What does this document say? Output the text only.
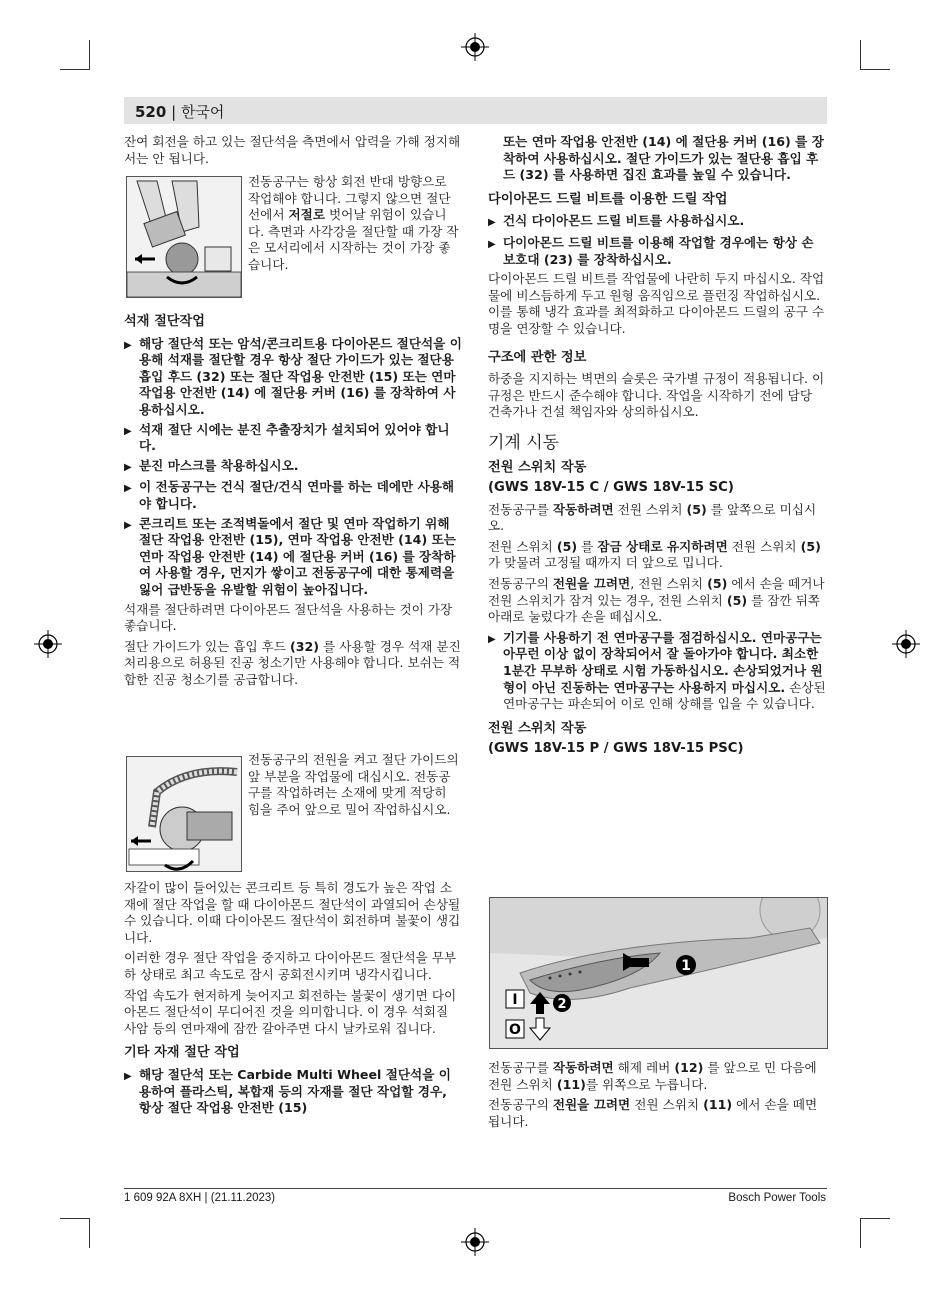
520 | 한국어

잔여 회전을 하고 있는 절단석을 측면에서 압력을 가해 정지해서는 안 됩니다.

전동공구는 항상 회전 반대 방향으로 작업해야 합니다. 그렇지 않으면 절단선에서 저절로 벗어날 위험이 있습니다. 측면과 사각강을 절단할 때 가장 작은 모서리에서 시작하는 것이 가장 좋습니다.
석재 절단작업
▶ 해당 절단석 또는 암석/콘크리트용 다이아몬드 절단석을 이용해 석재를 절단할 경우 항상 절단 가이드가 있는 절단용 흡입 후드 (32) 또는 절단 작업용 안전반 (15) 또는 연마 작업용 안전반 (14) 에 절단용 커버 (16) 를 장착하여 사용하십시오.
▶ 석재 절단 시에는 분진 추출장치가 설치되어 있어야 합니다.
▶ 분진 마스크를 착용하십시오.
▶ 이 전동공구는 건식 절단/건식 연마를 하는 데에만 사용해야 합니다.
▶ 콘크리트 또는 조적벽돌에서 절단 및 연마 작업하기 위해 절단 작업용 안전반 (15), 연마 작업용 안전반 (14) 또는 연마 작업용 안전반 (14) 에 절단용 커버 (16) 를 장착하여 사용할 경우, 먼지가 쌓이고 전동공구에 대한 통제력을 잃어 급반동을 유발할 위험이 높아집니다.

석재를 절단하려면 다이아몬드 절단석을 사용하는 것이 가장 좋습니다.

절단 가이드가 있는 흡입 후드 (32) 를 사용할 경우 석재 분진 처리용으로 허용된 진공 청소기만 사용해야 합니다. 보쉬는 적합한 진공 청소기를 공급합니다.

전동공구의 전원을 켜고 절단 가이드의 앞 부분을 작업물에 대십시오. 전동공구를 작업하려는 소재에 맞게 적당히 힘을 주어 앞으로 밀어 작업하십시오.

자갈이 많이 들어있는 콘크리트 등 특히 경도가 높은 작업 소재에 절단 작업을 할 때 다이아몬드 절단석이 과열되어 손상될 수 있습니다. 이때 다이아몬드 절단석이 회전하며 불꽃이 생깁니다.

이러한 경우 절단 작업을 중지하고 다이아몬드 절단석을 무부하 상태로 최고 속도로 잠시 공회전시키며 냉각시킵니다.

작업 속도가 현저하게 늦어지고 회전하는 불꽃이 생기면 다이아몬드 절단석이 무디어진 것을 의미합니다. 이 경우 석회질 사암 등의 연마재에 잠깐 갈아주면 다시 날카로워 집니다.

기타 자재 절단 작업
▶ 해당 절단석 또는 Carbide Multi Wheel 절단석을 이용하여 플라스틱, 복합재 등의 자재를 절단 작업할 경우, 항상 절단 작업용 안전반 (15)

또는 연마 작업용 안전반 (14) 에 절단용 커버 (16) 를 장착하여 사용하십시오. 절단 가이드가 있는 절단용 흡입 후드 (32) 를 사용하면 집진 효과를 높일 수 있습니다.

다이아몬드 드릴 비트를 이용한 드릴 작업
▶ 건식 다이아몬드 드릴 비트를 사용하십시오.
▶ 다이아몬드 드릴 비트를 이용해 작업할 경우에는 항상 손 보호대 (23) 를 장착하십시오.

다이아몬드 드릴 비트를 작업물에 나란히 두지 마십시오. 작업물에 비스듬하게 두고 원형 움직임으로 플런징 작업하십시오. 이를 통해 냉각 효과를 최적화하고 다이아몬드 드릴의 공구 수명을 연장할 수 있습니다.

구조에 관한 정보

하중을 지지하는 벽면의 슬롯은 국가별 규정이 적용됩니다. 이 규정은 반드시 준수해야 합니다. 작업을 시작하기 전에 담당 건축가나 건설 책임자와 상의하십시오.

기계 시동
전원 스위치 작동
(GWS 18V-15 C / GWS 18V-15 SC)

전동공구를 작동하려면 전원 스위치 (5) 를 앞쪽으로 미십시오.

전원 스위치 (5) 를 잠금 상태로 유지하려면 전원 스위치 (5) 가 맞물려 고정될 때까지 더 앞으로 밉니다.

전동공구의 전원을 끄려면, 전원 스위치 (5) 에서 손을 떼거나 전원 스위치가 잠겨 있는 경우, 전원 스위치 (5) 를 잠깐 뒤쪽 아래로 눌렀다가 손을 떼십시오.

▶ 기기를 사용하기 전 연마공구를 점검하십시오. 연마공구는 아무런 이상 없이 장착되어서 잘 돌아가야 합니다. 최소한 1분간 무부하 상태로 시험 가동하십시오. 손상되었거나 원형이 아닌 진동하는 연마공구는 사용하지 마십시오. 손상된 연마공구는 파손되어 이로 인해 상해를 입을 수 있습니다.
전원 스위치 작동
(GWS 18V-15 P / GWS 18V-15 PSC)
1
I	2
O

전동공구를 작동하려면 해제 레버 (12) 를 앞으로 민 다음에 전원 스위치 (11)를 위쪽으로 누릅니다.

전동공구의 전원을 끄려면 전원 스위치 (11) 에서 손을 떼면 됩니다.

1 609 92A 8XH | (21.11.2023)	Bosch Power Tools
